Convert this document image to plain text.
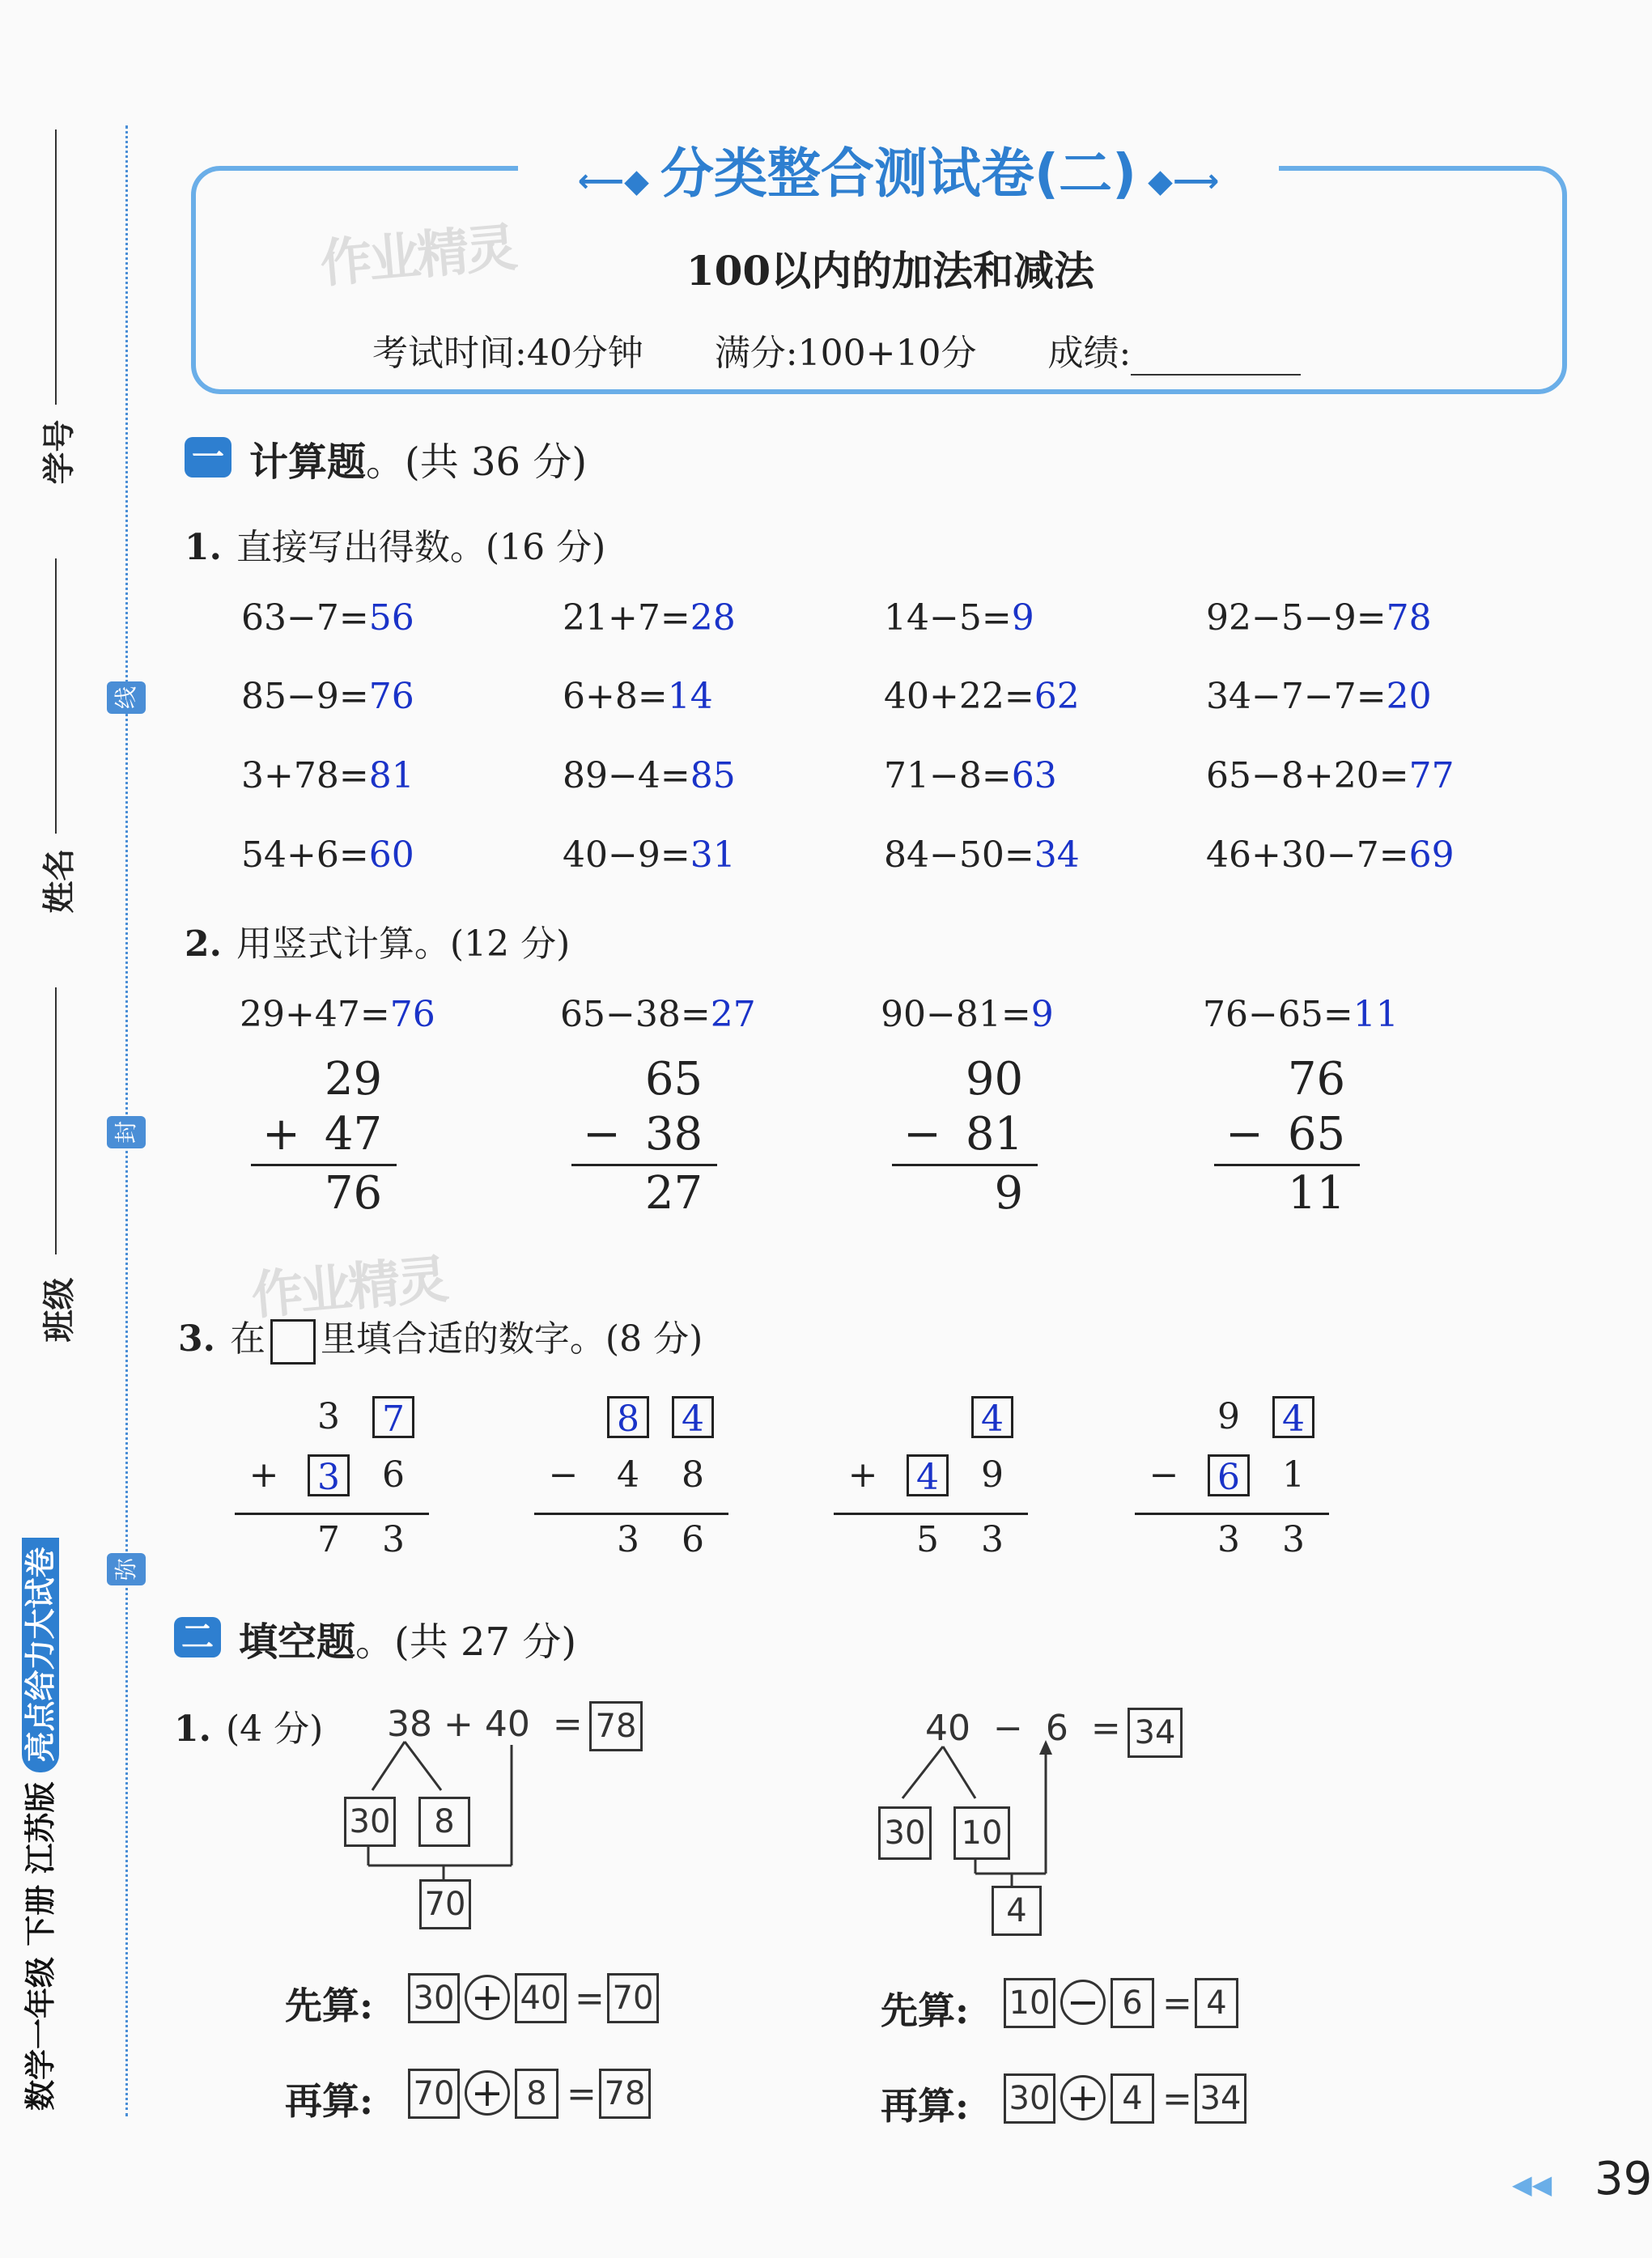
学号
姓名
班级
线
封
弥
数学一年级 下册 江苏版
亮点给力大试卷
⟵◆ 分类整合测试卷(二) ◆⟶
作业精灵	100以内的加法和减法
考试时间:40分钟 满分:100+10分 成绩:
一 计算题。(共 36 分)
1. 直接写出得数。(16 分)
63−7=56	21+7=28	14−5=9	92−5−9=78
85−9=76	6+8=14	40+22=62	34−7−7=20
3+78=81	89−4=85	71−8=63	65−8+20=77
54+6=60	40−9=31	84−50=34	46+30−7=69
2. 用竖式计算。(12 分)
29+47=76
29
+ 47
76
65−38=27
65
− 38
27
90−81=9
90
− 81
9
76−65=11
76
− 65
11
作业精灵
3. 在 里填合适的数字。(8 分)
3 7
+ 3 6
7 3
8 4
− 4 8
3 6
4
+ 4 9
5 3
9 4
− 6 1
3 3
二 填空题。(共 27 分)
1. (4 分) 38 + 40 = 78
30	8
70
40 − 6 = 34
30 10
4
先算: 30 + 40 = 70
再算: 70 + 8 = 78
先算: 10 − 6 = 4
再算: 30 + 4 = 34
◀◀ 39
